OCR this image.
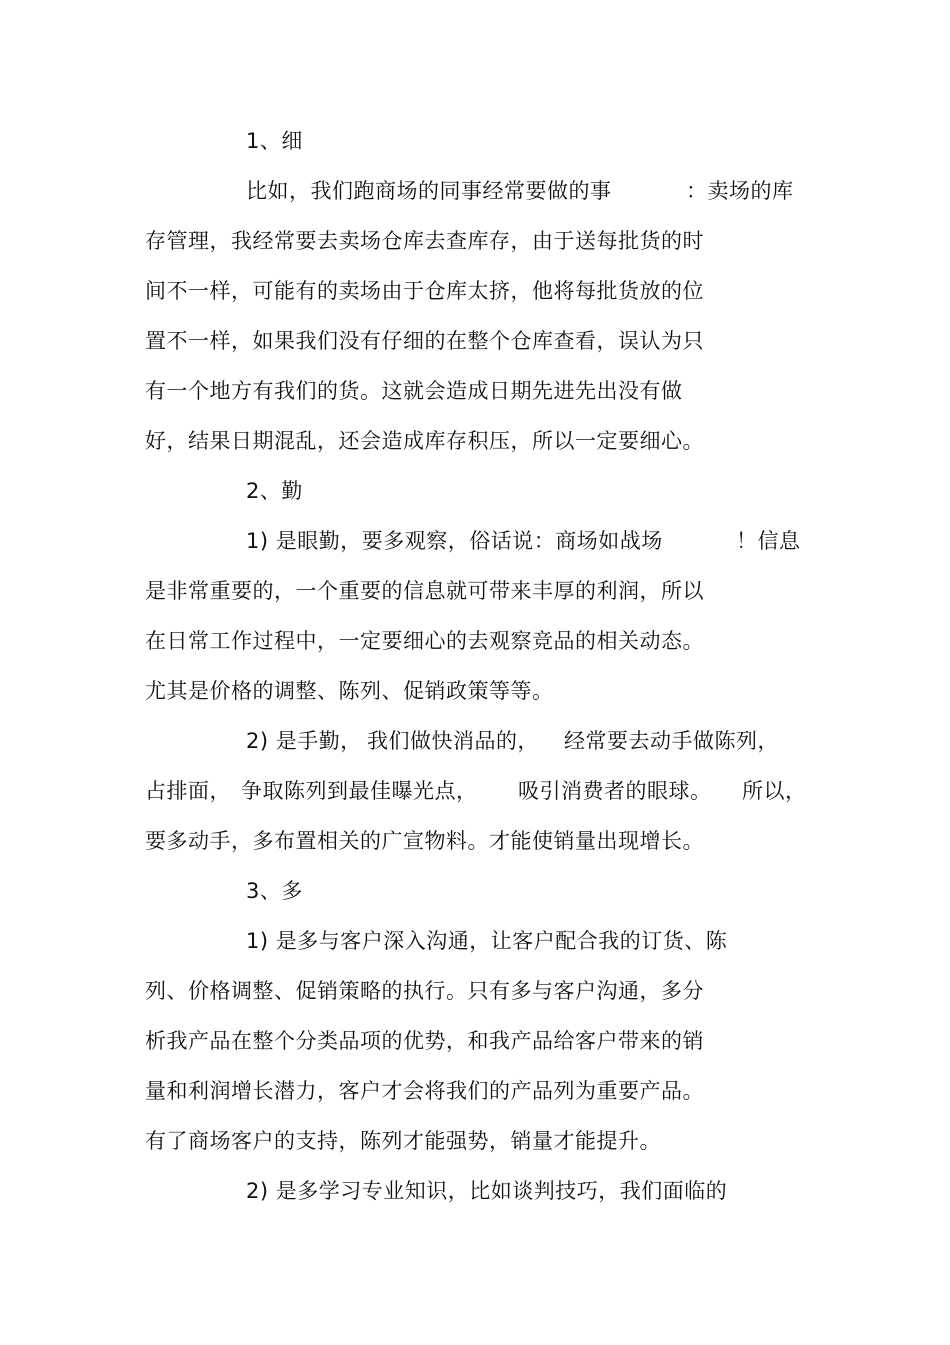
1、细
比如，我们跑商场的同事经常要做的事	：卖场的库
存管理，我经常要去卖场仓库去查库存，由于送每批货的时
间不一样，可能有的卖场由于仓库太挤，他将每批货放的位
置不一样，如果我们没有仔细的在整个仓库查看，误认为只
有一个地方有我们的货。这就会造成日期先进先出没有做
好，结果日期混乱，还会造成库存积压，所以一定要细心。
2、勤
1) 是眼勤，要多观察，俗话说：商场如战场	！信息
是非常重要的，一个重要的信息就可带来丰厚的利润，所以
在日常工作过程中，一定要细心的去观察竞品的相关动态。
尤其是价格的调整、陈列、促销政策等等。
2) 是手勤， 我们做快消品的， 经常要去动手做陈列，
占排面， 争取陈列到最佳曝光点， 吸引消费者的眼球。 所以，
要多动手，多布置相关的广宣物料。才能使销量出现增长。
3、多
1) 是多与客户深入沟通，让客户配合我的订货、陈
列、价格调整、促销策略的执行。只有多与客户沟通，多分
析我产品在整个分类品项的优势，和我产品给客户带来的销
量和利润增长潜力，客户才会将我们的产品列为重要产品。
有了商场客户的支持，陈列才能强势，销量才能提升。
2) 是多学习专业知识，比如谈判技巧，我们面临的
